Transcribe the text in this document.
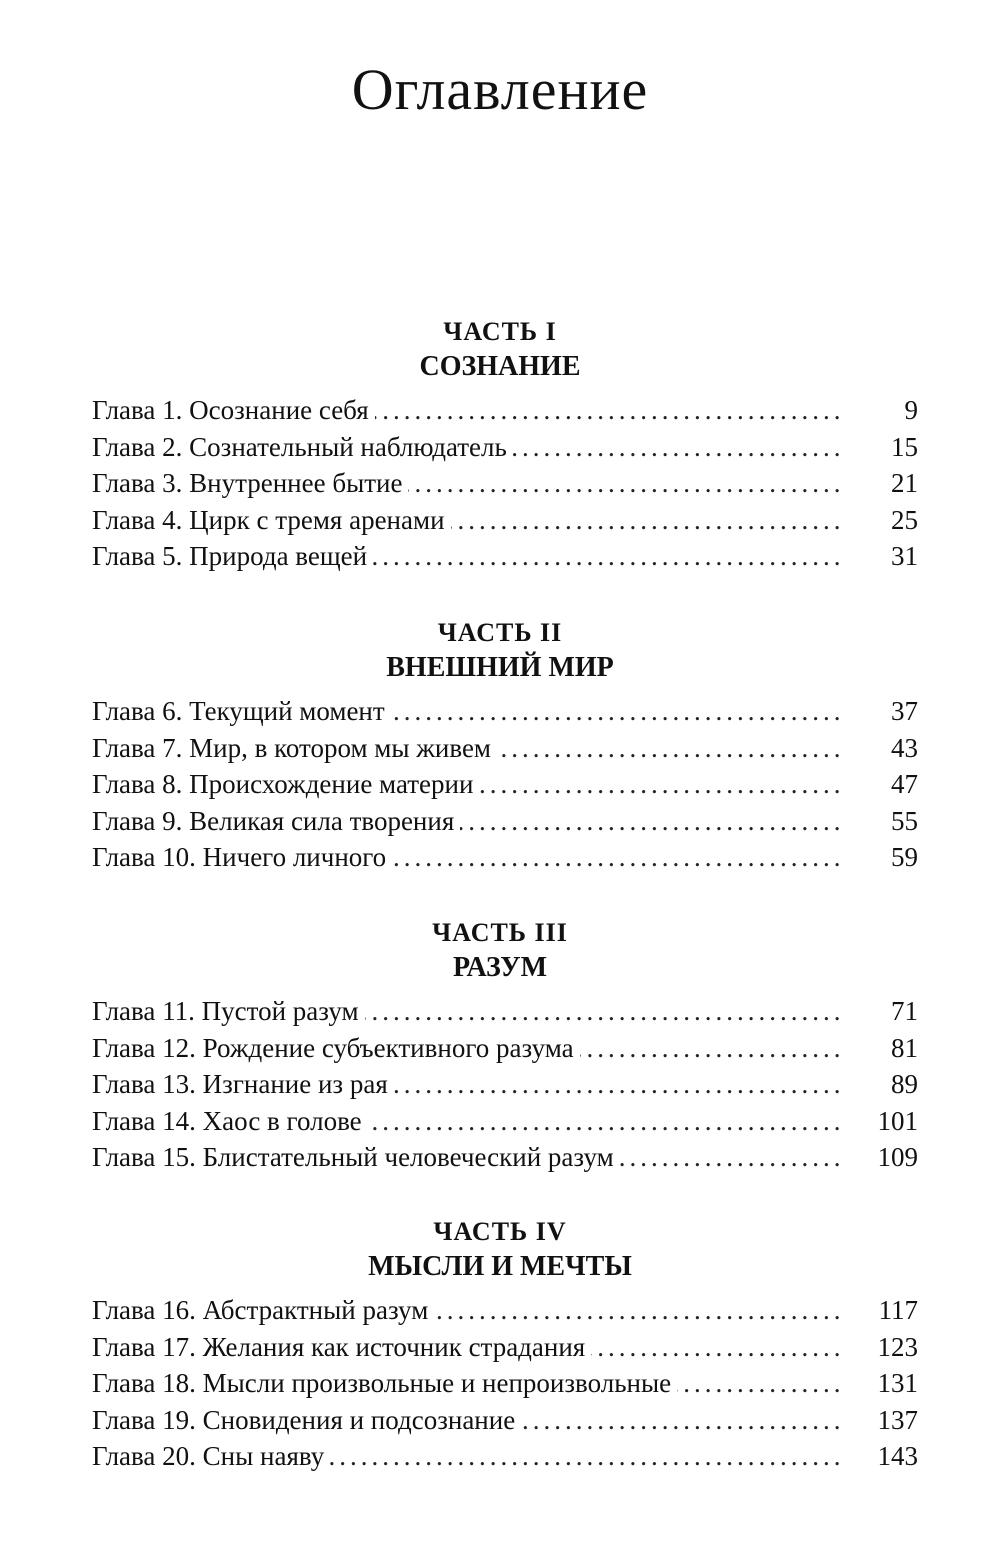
Оглавление
ЧАСТЬ I
СОЗНАНИЕ
.....
Глава 1. Осознание себя	9
.....
Глава 2. Сознательный наблюдатель	15
.....
Глава 3. Внутреннее бытие	21
.....
Глава 4. Цирк с тремя аренами	25
.....
Глава 5. Природа вещей	31
ЧАСТЬ II
ВНЕШНИЙ МИР
.....
Глава 6. Текущий момент	37
.....
Глава 7. Мир, в котором мы живем	43
.....
Глава 8. Происхождение материи	47
.....
Глава 9. Великая сила творения	55
.....
Глава 10. Ничего личного	59
ЧАСТЬ III
РАЗУМ
.....
Глава 11. Пустой разум	71
.....
Глава 12. Рождение субъективного разума	81
.....
Глава 13. Изгнание из рая	89
.....
Глава 14. Хаос в голове	101
.....
Глава 15. Блистательный человеческий разум	109
ЧАСТЬ IV
МЫСЛИ И МЕЧТЫ
.....
Глава 16. Абстрактный разум	117
.....
Глава 17. Желания как источник страдания	123
.....
Глава 18. Мысли произвольные и непроизвольные	131
.....
Глава 19. Сновидения и подсознание	137
.....
Глава 20. Сны наяву	143
